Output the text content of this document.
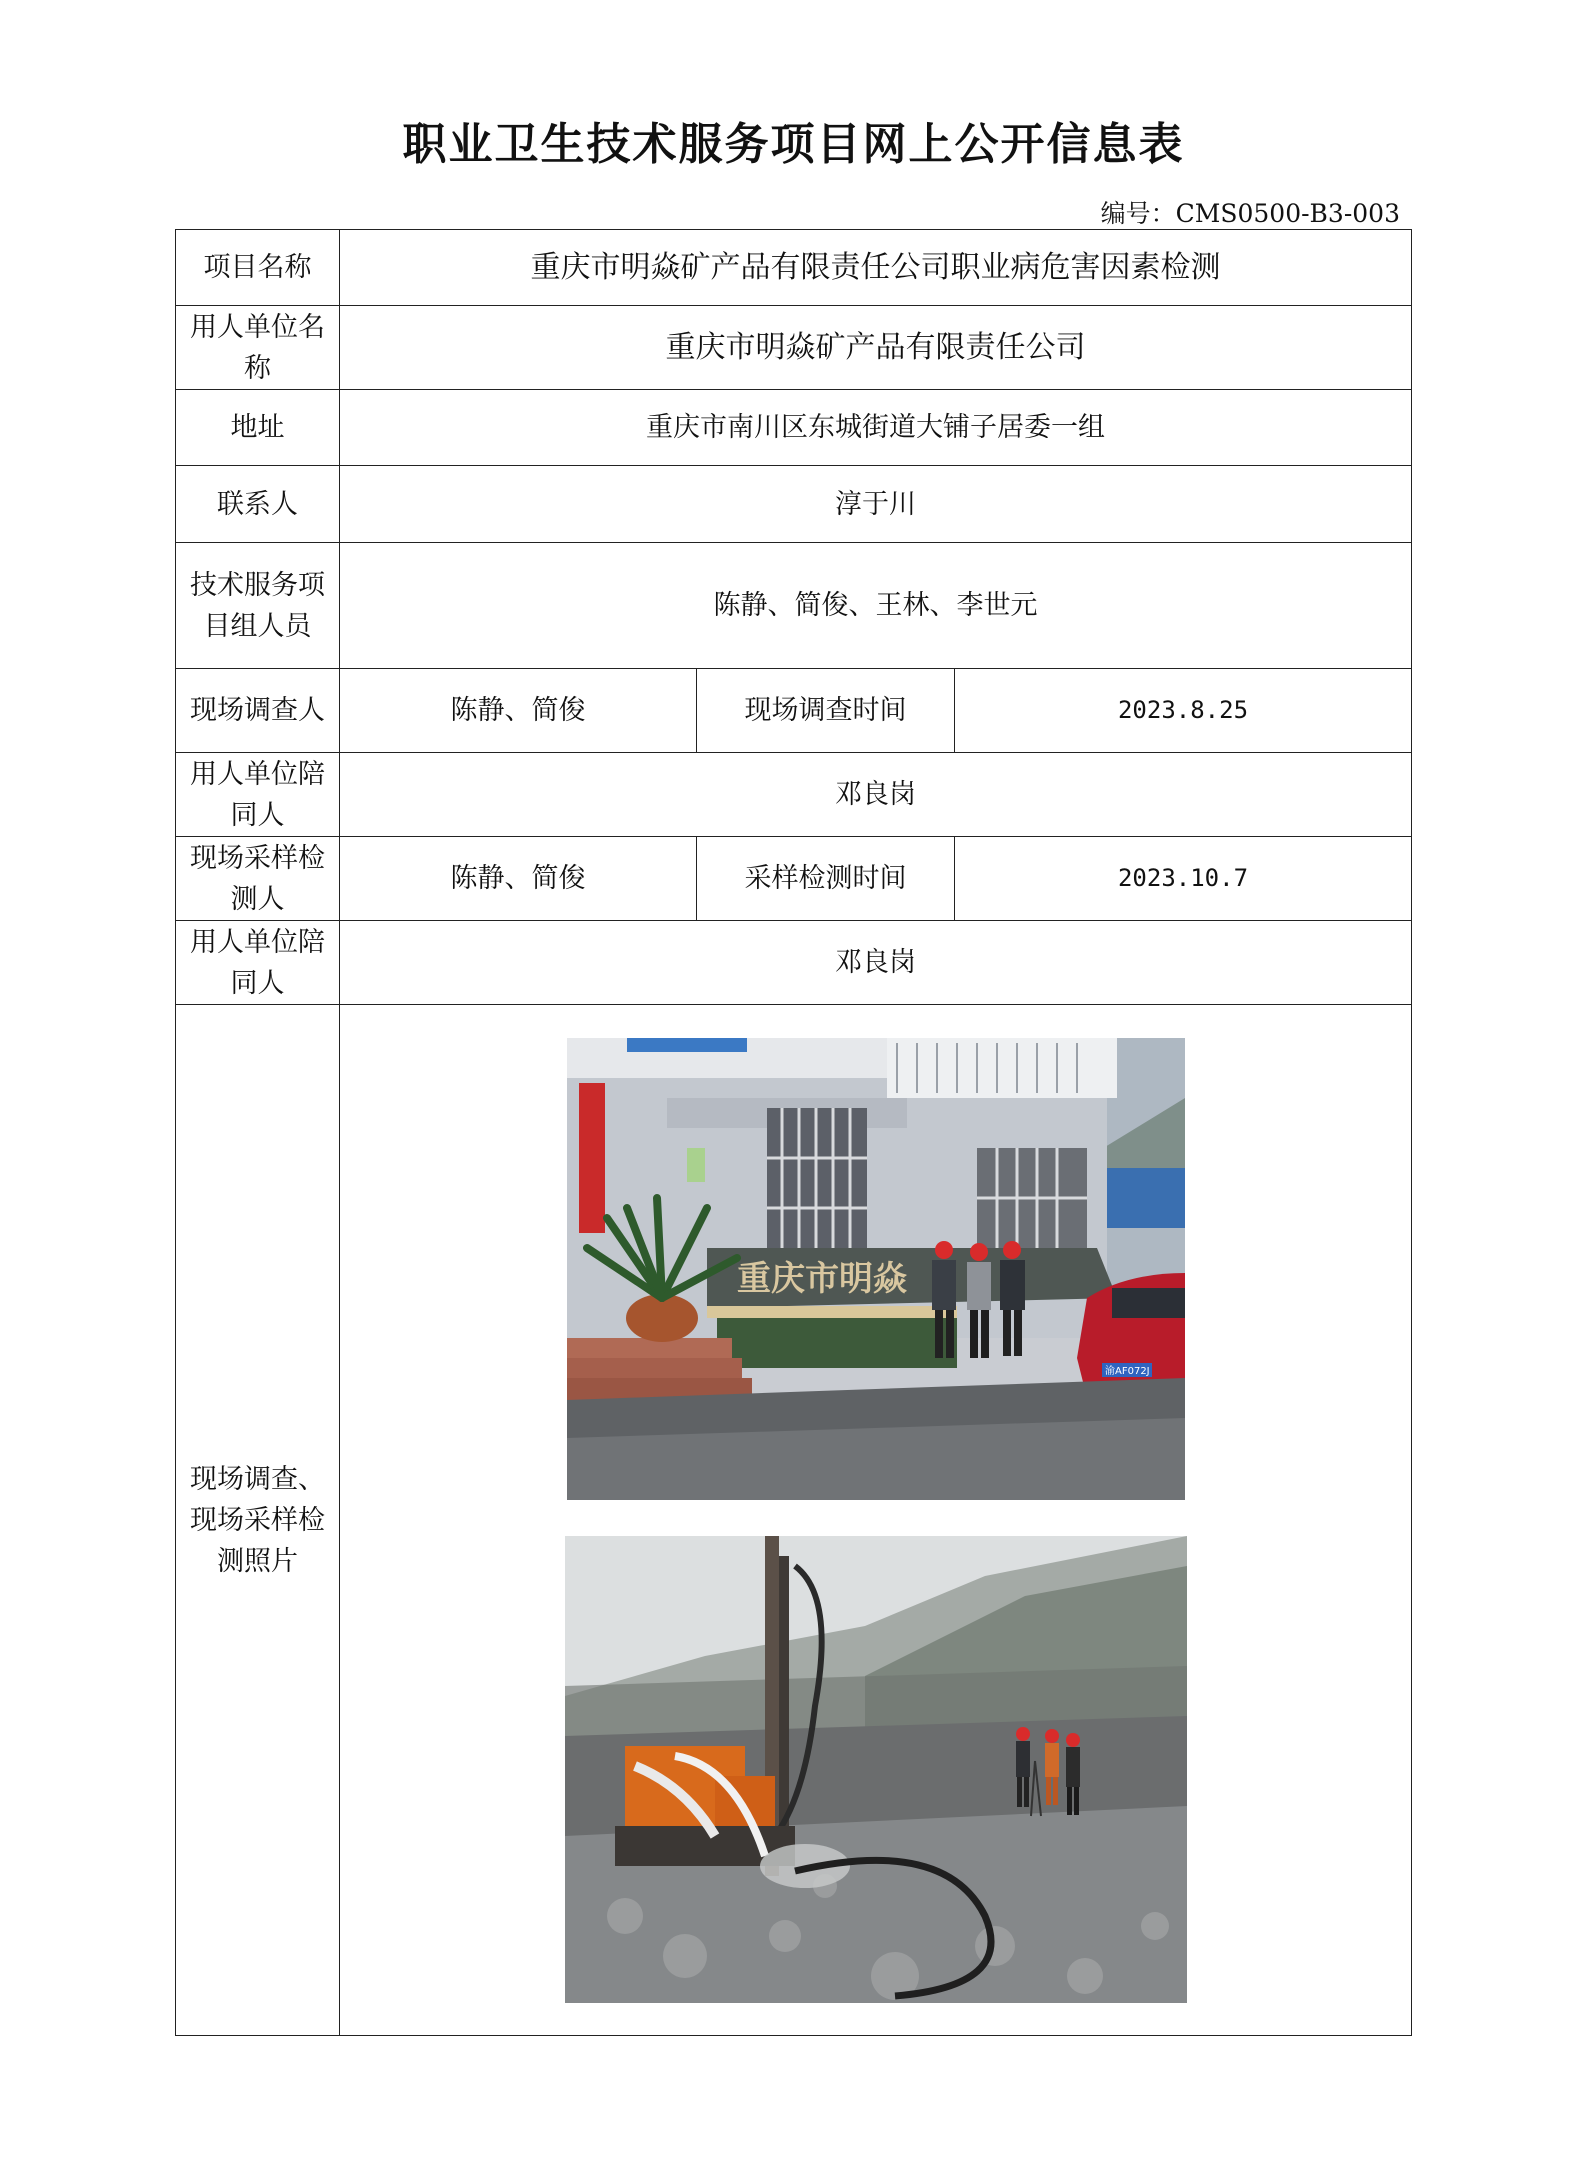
职业卫生技术服务项目网上公开信息表
编号：CMS0500-B3-003
项目名称	重庆市明焱矿产品有限责任公司职业病危害因素检测		
用人单位名称	重庆市明焱矿产品有限责任公司		
地址	重庆市南川区东城街道大铺子居委一组		
联系人	淳于川		
技术服务项目组人员	陈静、简俊、王林、李世元		
现场调查人	陈静、简俊	现场调查时间	2023.8.25
用人单位陪同人	邓良岗		
现场采样检测人	陈静、简俊	采样检测时间	2023.10.7
用人单位陪同人	邓良岗		
现场调查、现场采样检测照片	重庆市明焱
渝AF072J		
